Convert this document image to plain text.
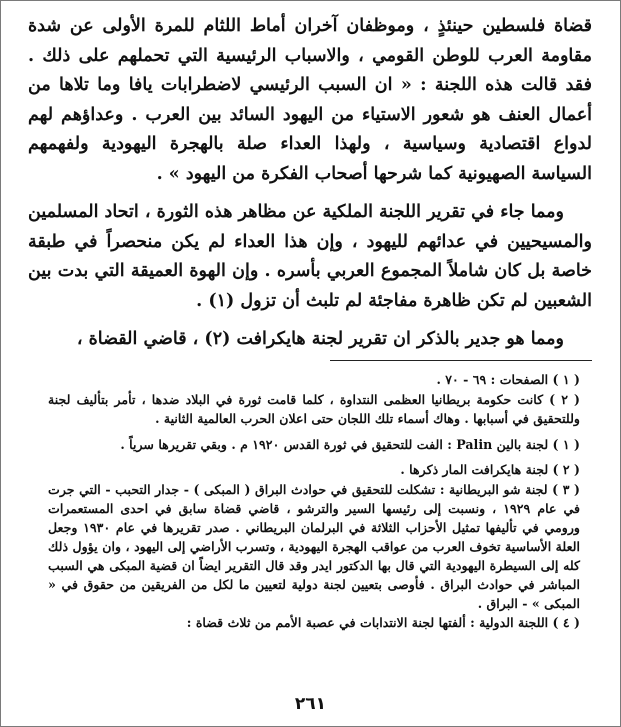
قضاة فلسطين حينئذٍ ، وموظفان آخران أماط اللثام للمرة الأولى عن شدة مقاومة العرب للوطن القومي ، والاسباب الرئيسية التي تحملهم على ذلك . فقد قالت هذه اللجنة : « ان السبب الرئيسي لاضطرابات يافا وما تلاها من أعمال العنف هو شعور الاستياء من اليهود السائد بين العرب . وعداؤهم لهم لدواع اقتصادية وسياسية ، ولهذا العداء صلة بالهجرة اليهودية ولفهمهم السياسة الصهيونية كما شرحها أصحاب الفكرة من اليهود » .

ومما جاء في تقرير اللجنة الملكية عن مظاهر هذه الثورة ، اتحاد المسلمين والمسيحيين في عدائهم لليهود ، وإن هذا العداء لم يكن منحصراً في طبقة خاصة بل كان شاملاً المجموع العربي بأسره . وإن الهوة العميقة التي بدت بين الشعبين لم تكن ظاهرة مفاجئة لم تلبث أن تزول (١) .

ومما هو جدير بالذكر ان تقرير لجنة هايكرافت (٢) ، قاضي القضاة ،

( ١ ) الصفحات : ٦٩ - ٧٠ .

( ٢ ) كانت حكومة بريطانيا العظمى النتداوة ، كلما قامت ثورة في البلاد ضدها ، تأمر بتأليف لجنة وللتحقيق في أسبابها . وهاك أسماء تلك اللجان حتى اعلان الحرب العالمية الثانية .

( ١ ) لجنة بالين Palin : الفت للتحقيق في ثورة القدس ١٩٢٠ م . وبقي تقريرها سرياً .

( ٢ ) لجنة هايكرافت المار ذكرها .

( ٣ ) لجنة شو البريطانية : تشكلت للتحقيق في حوادث البراق ( المبكى ) - جدار التحبب - التي جرت في عام ١٩٢٩ ، ونسبت إلى رئيسها السير والترشو ، قاضي قضاة سابق في احدى المستعمرات ورومي في تأليفها تمثيل الأحزاب الثلاثة في البرلمان البريطاني . صدر تقريرها في عام ١٩٣٠ وجعل العلة الأساسية تخوف العرب من عواقب الهجرة اليهودية ، وتسرب الأراضي إلى اليهود ، وان يؤول ذلك كله إلى السيطرة اليهودية التي قال بها الدكتور ايدر وقد قال التقرير ايضاً ان قضية المبكى هي السبب المباشر في حوادث البراق . فأوصى بتعيين لجنة دولية لتعيين ما لكل من الفريقين من حقوق في « المبكى » - البراق .

( ٤ ) اللجنة الدولية : ألفتها لجنة الانتدابات في عصبة الأمم من ثلاث قضاة :

٢٦١
